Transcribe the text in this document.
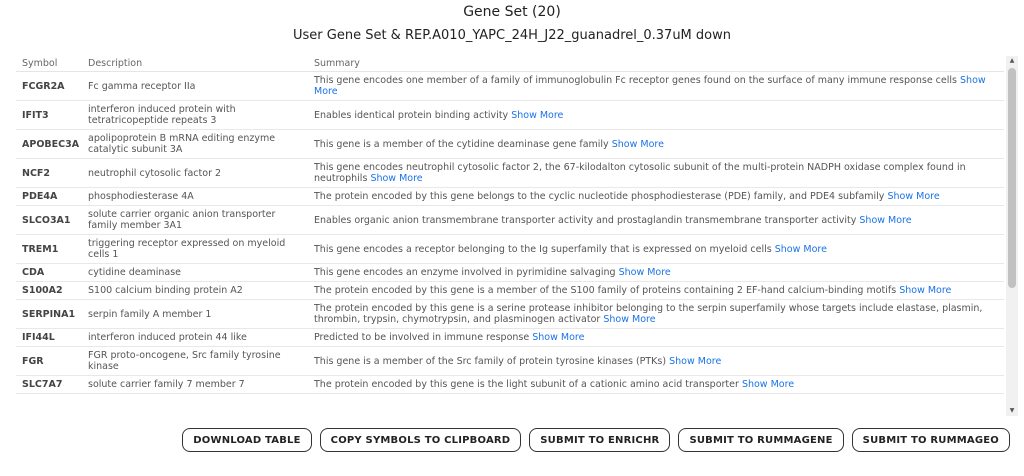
Gene Set (20)
User Gene Set & REP.A010_YAPC_24H_J22_guanadrel_0.37uM down
Symbol	Description	Summary
FCGR2A	Fc gamma receptor IIa	This gene encodes one member of a family of immunoglobulin Fc receptor genes found on the surface of many immune response cells Show More
IFIT3	interferon induced protein with tetratricopeptide repeats 3	Enables identical protein binding activity Show More
APOBEC3A	apolipoprotein B mRNA editing enzyme catalytic subunit 3A	This gene is a member of the cytidine deaminase gene family Show More
NCF2	neutrophil cytosolic factor 2	This gene encodes neutrophil cytosolic factor 2, the 67-kilodalton cytosolic subunit of the multi-protein NADPH oxidase complex found in neutrophils Show More
PDE4A	phosphodiesterase 4A	The protein encoded by this gene belongs to the cyclic nucleotide phosphodiesterase (PDE) family, and PDE4 subfamily Show More
SLCO3A1	solute carrier organic anion transporter family member 3A1	Enables organic anion transmembrane transporter activity and prostaglandin transmembrane transporter activity Show More
TREM1	triggering receptor expressed on myeloid cells 1	This gene encodes a receptor belonging to the Ig superfamily that is expressed on myeloid cells Show More
CDA	cytidine deaminase	This gene encodes an enzyme involved in pyrimidine salvaging Show More
S100A2	S100 calcium binding protein A2	The protein encoded by this gene is a member of the S100 family of proteins containing 2 EF-hand calcium-binding motifs Show More
SERPINA1	serpin family A member 1	The protein encoded by this gene is a serine protease inhibitor belonging to the serpin superfamily whose targets include elastase, plasmin, thrombin, trypsin, chymotrypsin, and plasminogen activator Show More
IFI44L	interferon induced protein 44 like	Predicted to be involved in immune response Show More
FGR	FGR proto-oncogene, Src family tyrosine kinase	This gene is a member of the Src family of protein tyrosine kinases (PTKs) Show More
SLC7A7	solute carrier family 7 member 7	The protein encoded by this gene is the light subunit of a cationic amino acid transporter Show More
▲
▼
DOWNLOAD TABLE	COPY SYMBOLS TO CLIPBOARD	SUBMIT TO ENRICHR	SUBMIT TO RUMMAGENE	SUBMIT TO RUMMAGEO
